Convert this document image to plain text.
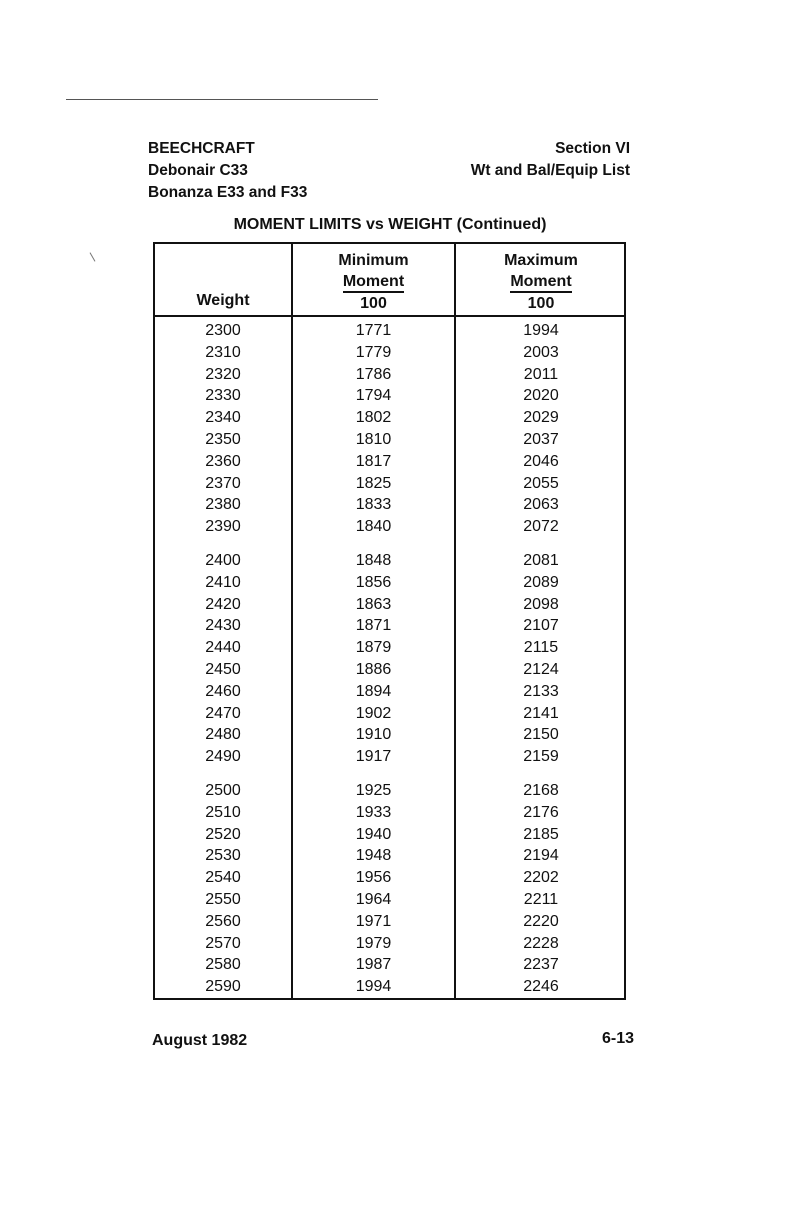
BEECHCRAFT
Debonair C33
Bonanza E33 and F33
Section VI
Wt and Bal/Equip List
MOMENT LIMITS vs WEIGHT (Continued)
Weight
Minimum
Moment
100
Maximum
Moment
100
2300	1771	1994
2310	1779	2003
2320	1786	2011
2330	1794	2020
2340	1802	2029
2350	1810	2037
2360	1817	2046
2370	1825	2055
2380	1833	2063
2390	1840	2072
2400	1848	2081
2410	1856	2089
2420	1863	2098
2430	1871	2107
2440	1879	2115
2450	1886	2124
2460	1894	2133
2470	1902	2141
2480	1910	2150
2490	1917	2159
2500	1925	2168
2510	1933	2176
2520	1940	2185
2530	1948	2194
2540	1956	2202
2550	1964	2211
2560	1971	2220
2570	1979	2228
2580	1987	2237
2590	1994	2246
August 1982	6-13
